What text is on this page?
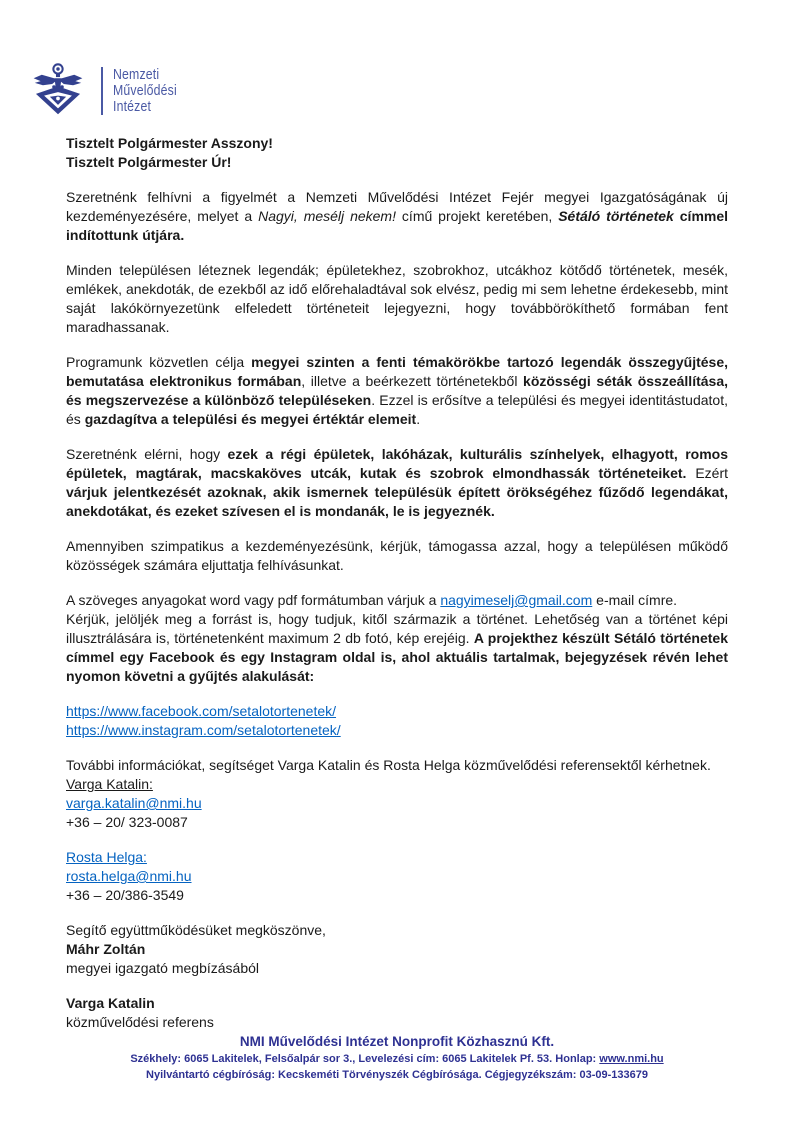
Nemzeti
Művelődési
Intézet
Tisztelt Polgármester Asszony!
Tisztelt Polgármester Úr!

Szeretnénk felhívni a figyelmét a Nemzeti Művelődési Intézet Fejér megyei Igazgatóságának új kezdeményezésére, melyet a Nagyi, mesélj nekem! című projekt keretében, Sétáló történetek címmel indítottunk útjára.

Minden településen léteznek legendák; épületekhez, szobrokhoz, utcákhoz kötődő történetek, mesék, emlékek, anekdoták, de ezekből az idő előrehaladtával sok elvész, pedig mi sem lehetne érdekesebb, mint saját lakókörnyezetünk elfeledett történeteit lejegyezni, hogy továbbörökíthető formában fent maradhassanak.

Programunk közvetlen célja megyei szinten a fenti témakörökbe tartozó legendák összegyűjtése, bemutatása elektronikus formában, illetve a beérkezett történetekből közösségi séták összeállítása, és megszervezése a különböző településeken. Ezzel is erősítve a települési és megyei identitástudatot, és gazdagítva a települési és megyei értéktár elemeit.

Szeretnénk elérni, hogy ezek a régi épületek, lakóházak, kulturális színhelyek, elhagyott, romos épületek, magtárak, macskaköves utcák, kutak és szobrok elmondhassák történeteiket. Ezért várjuk jelentkezését azoknak, akik ismernek településük épített örökségéhez fűződő legendákat, anekdotákat, és ezeket szívesen el is mondanák, le is jegyeznék.

Amennyiben szimpatikus a kezdeményezésünk, kérjük, támogassa azzal, hogy a településen működő közösségek számára eljuttatja felhívásunkat.

A szöveges anyagokat word vagy pdf formátumban várjuk a nagyimeselj@gmail.com e-mail címre.

Kérjük, jelöljék meg a forrást is, hogy tudjuk, kitől származik a történet. Lehetőség van a történet képi illusztrálására is, történetenként maximum 2 db fotó, kép erejéig. A projekthez készült Sétáló történetek címmel egy Facebook és egy Instagram oldal is, ahol aktuális tartalmak, bejegyzések révén lehet nyomon követni a gyűjtés alakulását:

https://www.facebook.com/setalotortenetek/
https://www.instagram.com/setalotortenetek/
További információkat, segítséget Varga Katalin és Rosta Helga közművelődési referensektől kérhetnek.
Varga Katalin:
varga.katalin@nmi.hu
+36 – 20/ 323-0087
Rosta Helga:
rosta.helga@nmi.hu
+36 – 20/386-3549
Segítő együttműködésüket megköszönve,
Máhr Zoltán
megyei igazgató megbízásából
Varga Katalin
közművelődési referens
NMI Művelődési Intézet Nonprofit Közhasznú Kft.
Székhely: 6065 Lakitelek, Felsőalpár sor 3., Levelezési cím: 6065 Lakitelek Pf. 53. Honlap: www.nmi.hu
Nyilvántartó cégbíróság: Kecskeméti Törvényszék Cégbírósága. Cégjegyzékszám: 03-09-133679
